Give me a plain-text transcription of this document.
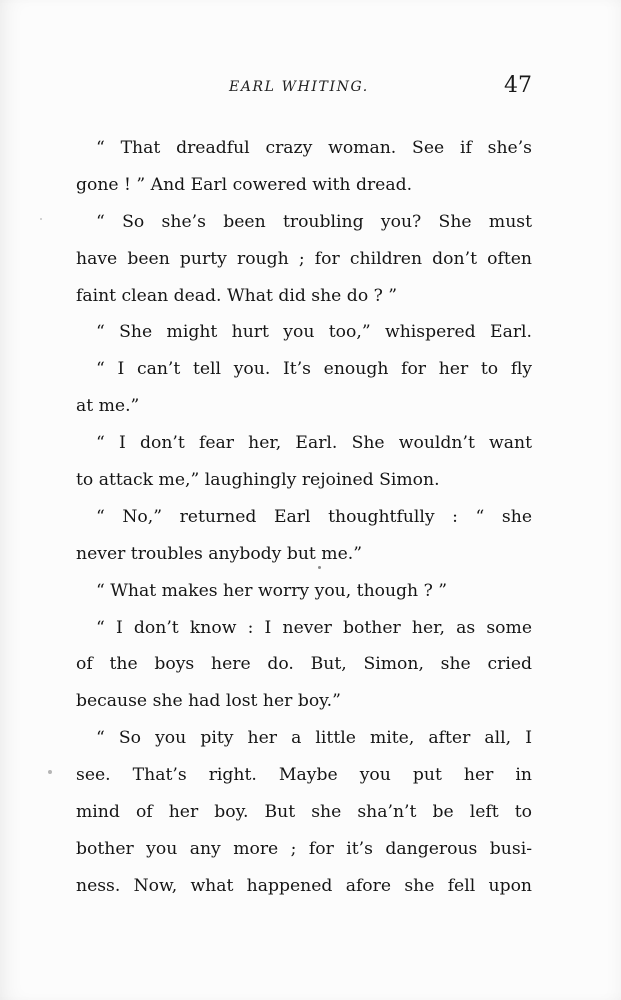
EARL WHITING.	47
“ That dreadful crazy woman. See if she’s
gone ! ” And Earl cowered with dread.
“ So she’s been troubling you? She must
have been purty rough ; for children don’t often
faint clean dead. What did she do ? ”
“ She might hurt you too,” whispered Earl.
“ I can’t tell you. It’s enough for her to fly
at me.”
“ I don’t fear her, Earl. She wouldn’t want
to attack me,” laughingly rejoined Simon.
“ No,” returned Earl thoughtfully : “ she
never troubles anybody but me.”
“ What makes her worry you, though ? ”
“ I don’t know : I never bother her, as some
of the boys here do. But, Simon, she cried
because she had lost her boy.”
“ So you pity her a little mite, after all, I
see. That’s right. Maybe you put her in
mind of her boy. But she sha’n’t be left to
bother you any more ; for it’s dangerous busi-
ness. Now, what happened afore she fell upon
